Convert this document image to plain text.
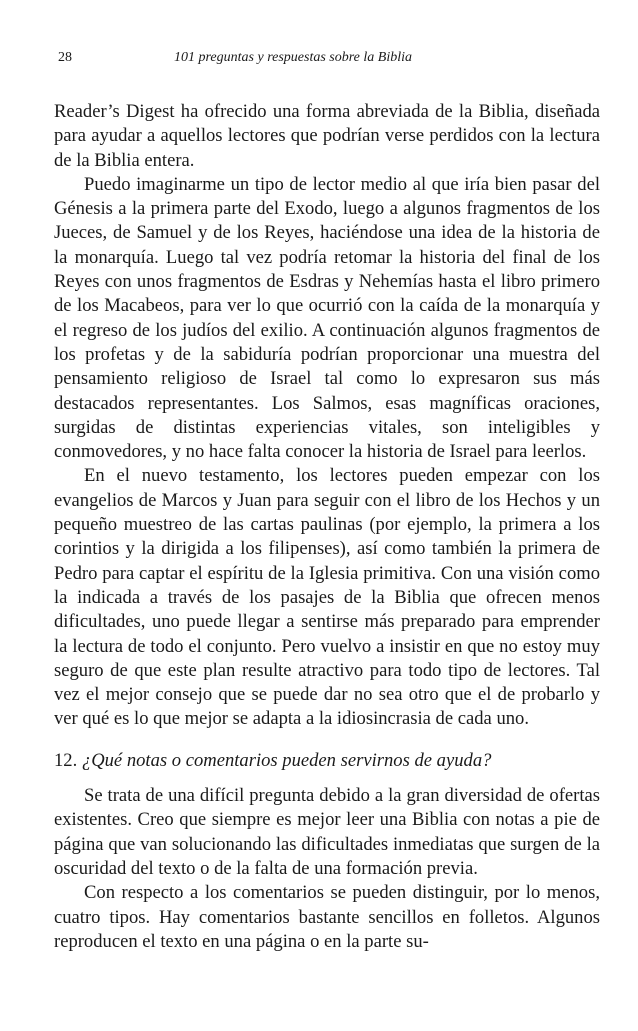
28	101 preguntas y respuestas sobre la Biblia

Reader’s Digest ha ofrecido una forma abreviada de la Biblia, diseñada para ayudar a aquellos lectores que podrían verse perdidos con la lectura de la Biblia entera.

Puedo imaginarme un tipo de lector medio al que iría bien pasar del Génesis a la primera parte del Exodo, luego a algunos fragmentos de los Jueces, de Samuel y de los Reyes, haciéndose una idea de la historia de la monarquía. Luego tal vez podría retomar la historia del final de los Reyes con unos fragmentos de Esdras y Nehemías hasta el libro primero de los Macabeos, para ver lo que ocurrió con la caída de la monarquía y el regreso de los judíos del exilio. A continuación algunos fragmentos de los profetas y de la sabiduría podrían proporcionar una muestra del pensamiento religioso de Israel tal como lo expresaron sus más destacados representantes. Los Salmos, esas magníficas oraciones, surgidas de distintas experiencias vitales, son inteligibles y conmovedores, y no hace falta conocer la historia de Israel para leerlos.

En el nuevo testamento, los lectores pueden empezar con los evangelios de Marcos y Juan para seguir con el libro de los Hechos y un pequeño muestreo de las cartas paulinas (por ejemplo, la primera a los corintios y la dirigida a los filipenses), así como también la primera de Pedro para captar el espíritu de la Iglesia primitiva. Con una visión como la indicada a través de los pasajes de la Biblia que ofrecen menos dificultades, uno puede llegar a sentirse más preparado para emprender la lectura de todo el conjunto. Pero vuelvo a insistir en que no estoy muy seguro de que este plan resulte atractivo para todo tipo de lectores. Tal vez el mejor consejo que se puede dar no sea otro que el de probarlo y ver qué es lo que mejor se adapta a la idiosincrasia de cada uno.

12. ¿Qué notas o comentarios pueden servirnos de ayuda?

Se trata de una difícil pregunta debido a la gran diversidad de ofertas existentes. Creo que siempre es mejor leer una Biblia con notas a pie de página que van solucionando las dificultades inmediatas que surgen de la oscuridad del texto o de la falta de una formación previa.

Con respecto a los comentarios se pueden distinguir, por lo menos, cuatro tipos. Hay comentarios bastante sencillos en folletos. Algunos reproducen el texto en una página o en la parte su-
